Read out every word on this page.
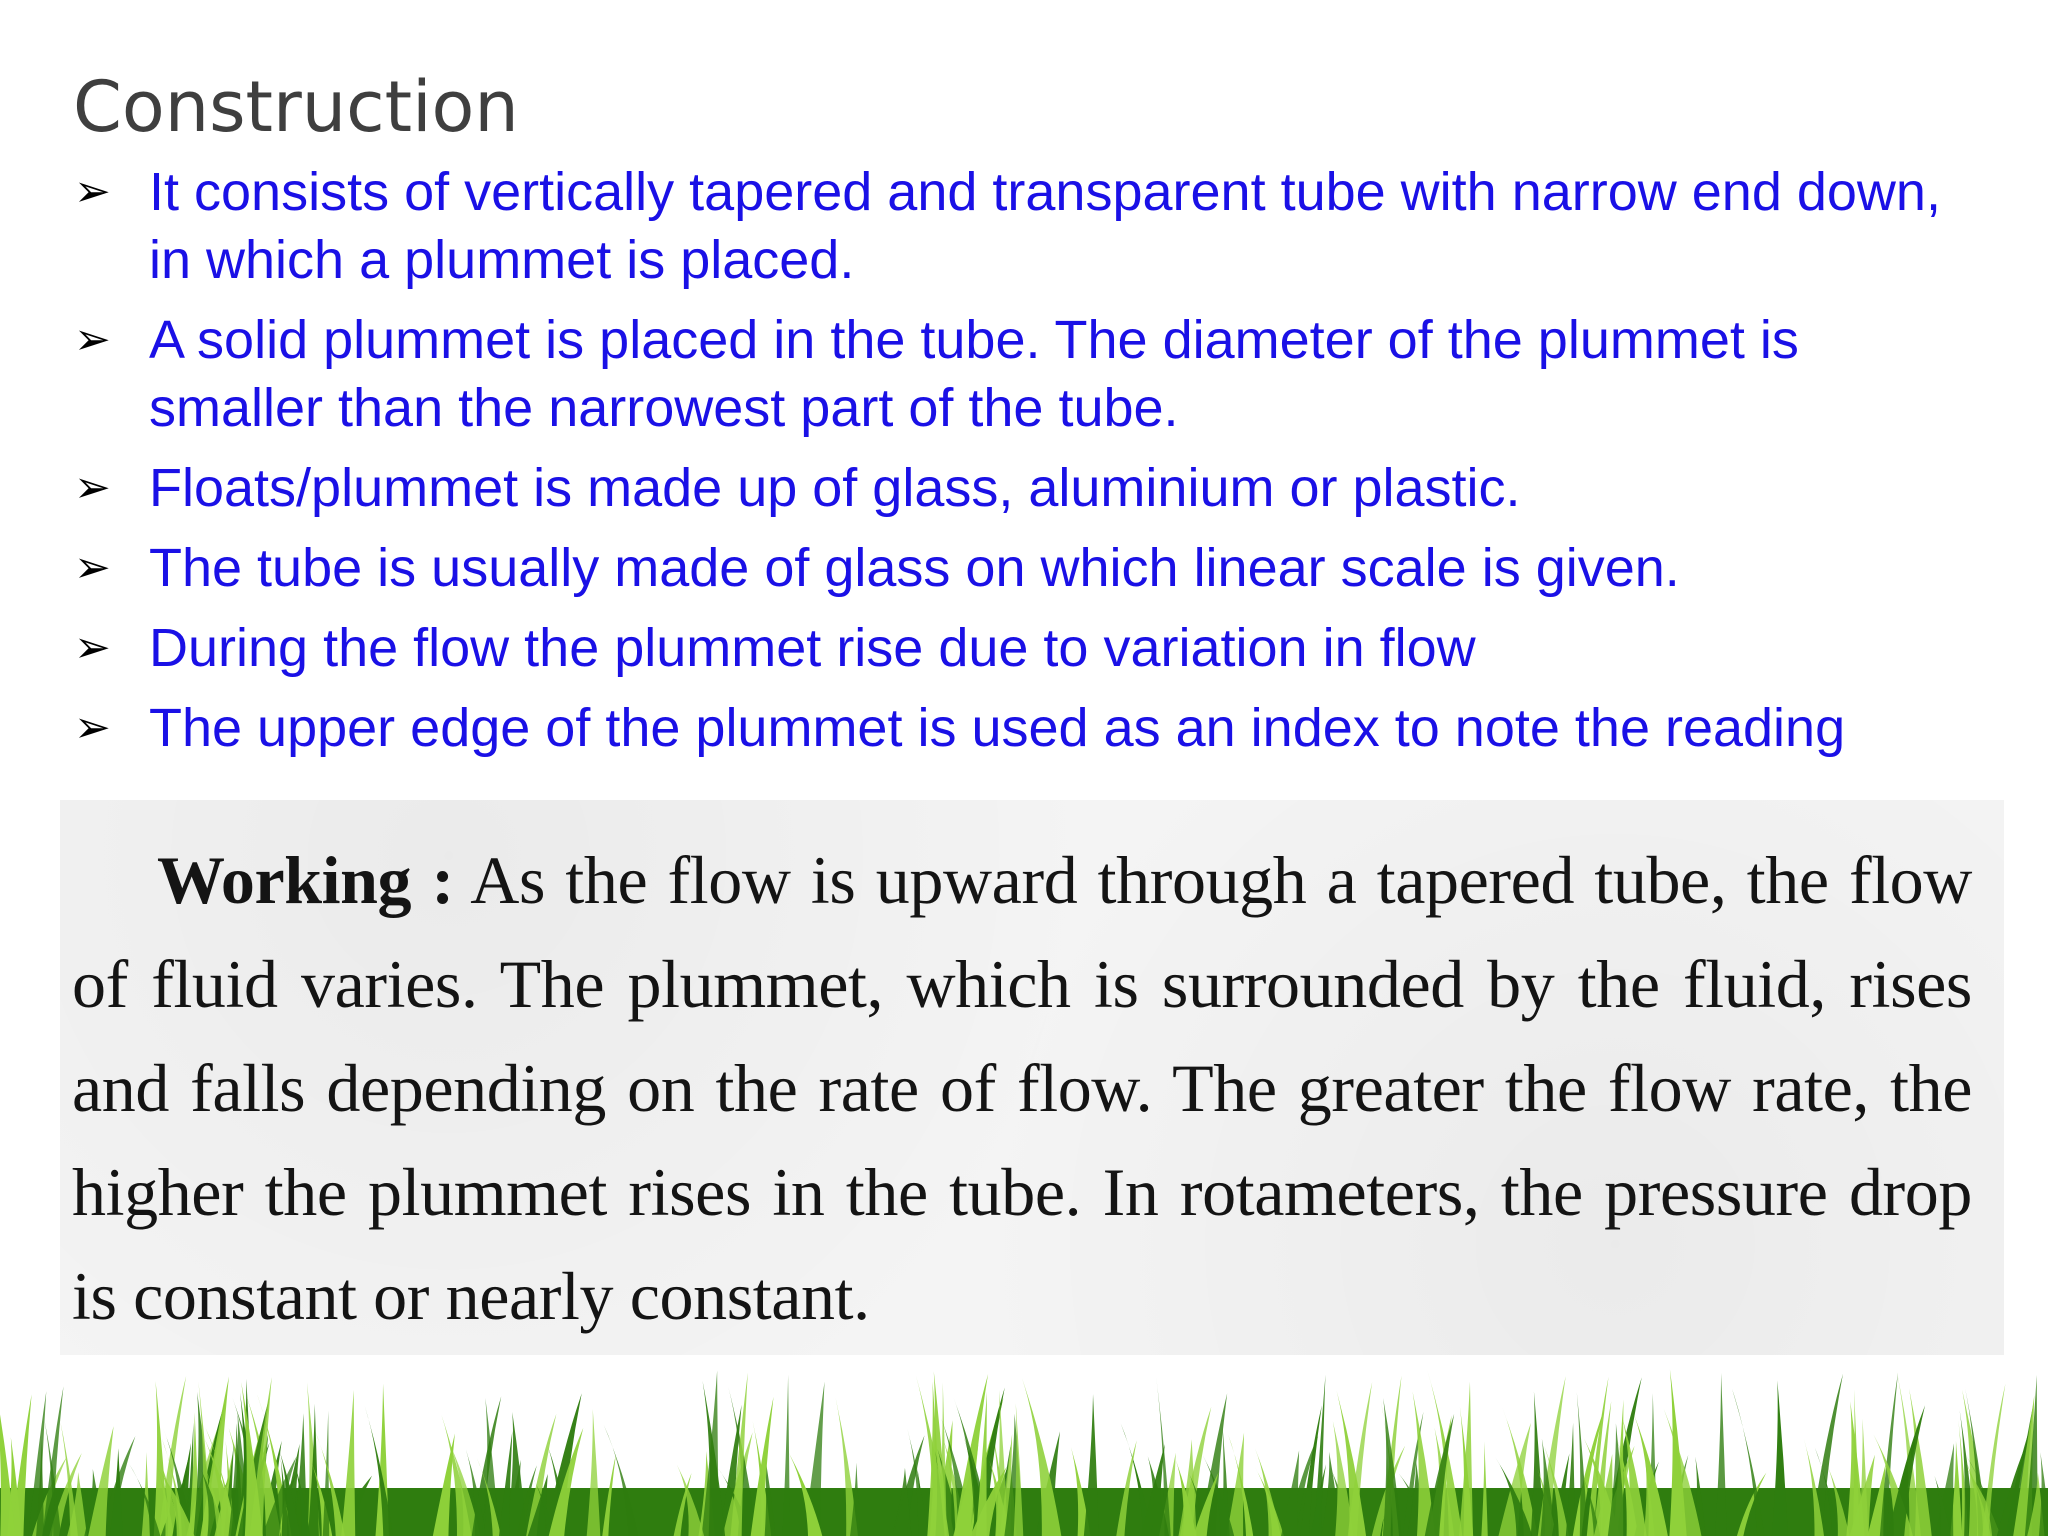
Construction
➢ It consists of vertically tapered and transparent tube with narrow end down, in which a plummet is placed.
➢ A solid plummet is placed in the tube. The diameter of the plummet is smaller than the narrowest part of the tube.
➢ Floats/plummet is made up of glass, aluminium or plastic.
➢ The tube is usually made of glass on which linear scale is given.
➢ During the flow the plummet rise due to variation in flow
➢ The upper edge of the plummet is used as an index to note the reading

Working : As the flow is upward through a tapered tube, the flow of fluid varies. The plummet, which is surrounded by the fluid, rises and falls depending on the rate of flow. The greater the flow rate, the higher the plummet rises in the tube. In rotameters, the pressure drop is constant or nearly constant.
